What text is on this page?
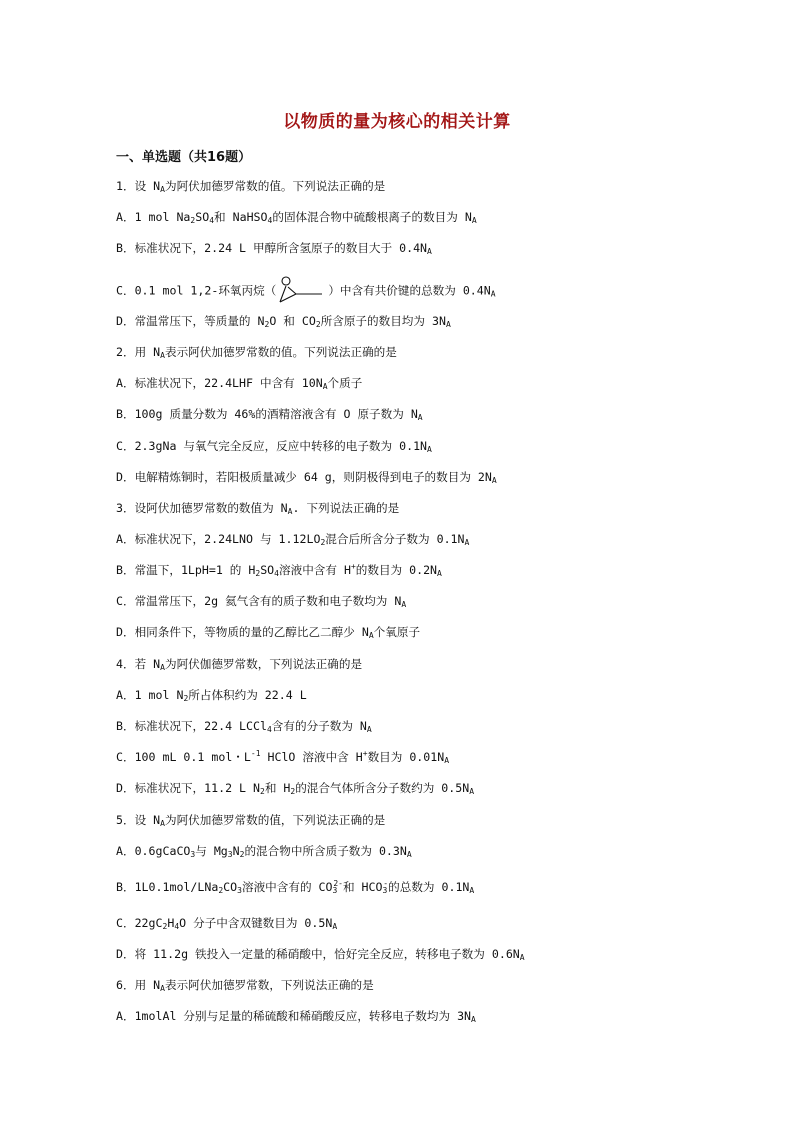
以物质的量为核心的相关计算
一、单选题（共16题）
1．设 $N_A$为阿伏加德罗常数的值。下列说法正确的是
A．1 mol $Na_2SO_4$和 NaHSO$_4$的固体混合物中硫酸根离子的数目为 $N_A$
B．标准状况下，2.24 L 甲醇所含氢原子的数目大于 $0.4N_A$
C．0.1 mol 1,2-环氧丙烷（	）中含有共价键的总数为 $0.4N_A$
D．常温常压下，等质量的 $N_2O$ 和 $CO_2$所含原子的数目均为 $3N_A$
2．用 $N_A$表示阿伏加德罗常数的值。下列说法正确的是
A．标准状况下，22.4LHF 中含有 $10N_A$个质子
B．100g 质量分数为 46%的酒精溶液含有 O 原子数为 $N_A$
C．2.3gNa 与氧气完全反应，反应中转移的电子数为 $0.1N_A$
D．电解精炼铜时，若阳极质量减少 64 g，则阴极得到电子的数目为 $2N_A$
3．设阿伏加德罗常数的数值为 $N_A$. 下列说法正确的是
A．标准状况下，2.24LNO 与 $1.12LO_2$混合后所含分子数为 $0.1N_A$
B．常温下，1LpH=1 的 $H_2SO_4$溶液中含有 H+的数目为 $0.2N_A$
C．常温常压下，2g 氦气含有的质子数和电子数均为 $N_A$
D．相同条件下，等物质的量的乙醇比乙二醇少 $N_A$个氧原子
4．若 $N_A$为阿伏伽德罗常数，下列说法正确的是
A．1 mol $N_2$所占体积约为 22.4 L
B．标准状况下，22.4 LCCl$_4$含有的分子数为 $N_A$
C．100 mL 0.1 mol・$L^{-1}$ HClO 溶液中含 H+数目为 $0.01N_A$
D．标准状况下，11.2 L $N_2$和 $H_2$的混合气体所含分子数约为 $0.5N_A$
5．设 $N_A$为阿伏加德罗常数的值，下列说法正确的是
A．0.6gCaCO$_3$与 $Mg_3N_2$的混合物中所含质子数为 $0.3N_A$
B．$1L0.1mol/LNa_2CO_3$溶液中含有的 $CO_3^{2-}$和 $HCO_3^-$的总数为 $0.1N_A$
C．$22gC_2H_4O$ 分子中含双键数目为 $0.5N_A$
D．将 11.2g 铁投入一定量的稀硝酸中，恰好完全反应，转移电子数为 $0.6N_A$
6．用 $N_A$表示阿伏加德罗常数，下列说法正确的是
A．1molAl 分别与足量的稀硫酸和稀硝酸反应，转移电子数均为 $3N_A$
